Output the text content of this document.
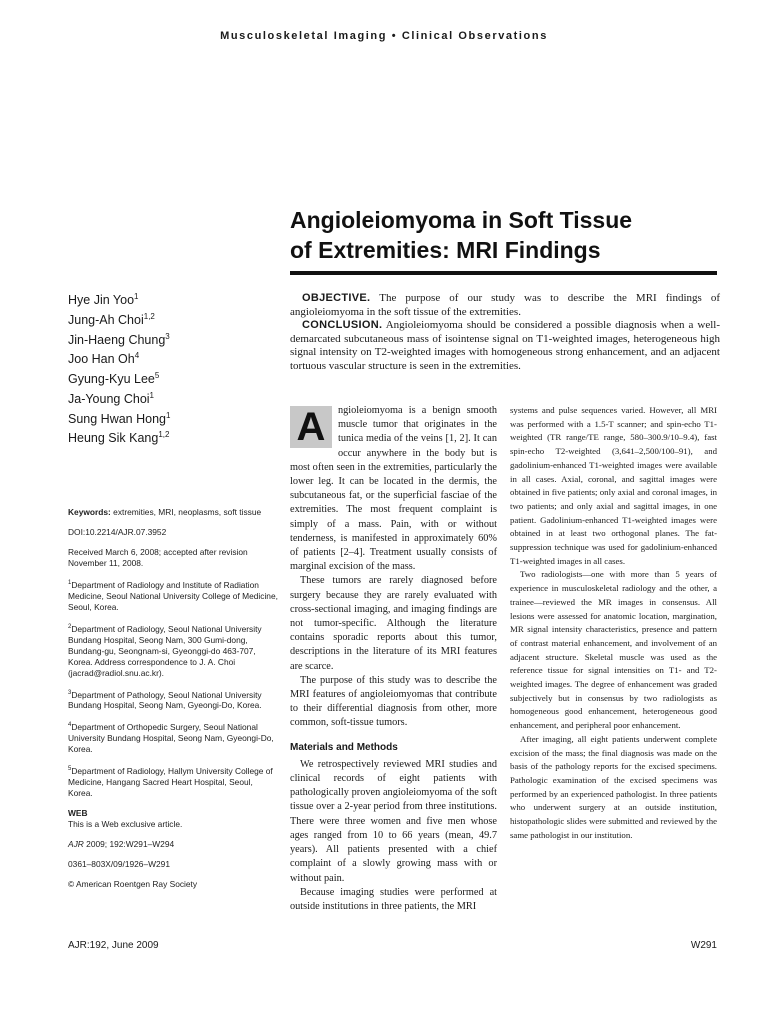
Musculoskeletal Imaging • Clinical Observations
Angioleiomyoma in Soft Tissue
of Extremities: MRI Findings
Hye Jin Yoo$^1$
Jung-Ah Choi$^{1,2}$
Jin-Haeng Chung$^3$
Joo Han Oh$^4$
Gyung-Kyu Lee$^5$
Ja-Young Choi$^1$
Sung Hwan Hong$^1$
Heung Sik Kang$^{1,2}$

OBJECTIVE. The purpose of our study was to describe the MRI findings of angioleiomyoma in the soft tissue of the extremities.

CONCLUSION. Angioleiomyoma should be considered a possible diagnosis when a well-demarcated subcutaneous mass of isointense signal on T1-weighted images, heterogeneous high signal intensity on T2-weighted images with homogeneous strong enhancement, and an adjacent tortuous vascular structure is seen in the extremities.

Keywords: extremities, MRI, neoplasms, soft tissue

DOI:10.2214/AJR.07.3952

Received March 6, 2008; accepted after revision November 11, 2008.

$^1$Department of Radiology and Institute of Radiation Medicine, Seoul National University College of Medicine, Seoul, Korea.

$^2$Department of Radiology, Seoul National University Bundang Hospital, Seong Nam, 300 Gumi-dong, Bundang-gu, Seongnam-si, Gyeonggi-do 463-707, Korea. Address correspondence to J. A. Choi (jacrad@radiol.snu.ac.kr).

$^3$Department of Pathology, Seoul National University Bundang Hospital, Seong Nam, Gyeongi-Do, Korea.

$^4$Department of Orthopedic Surgery, Seoul National University Bundang Hospital, Seong Nam, Gyeongi-Do, Korea.

$^5$Department of Radiology, Hallym University College of Medicine, Hangang Sacred Heart Hospital, Seoul, Korea.

WEB

This is a Web exclusive article.

AJR 2009; 192:W291–W294

0361–803X/09/1926–W291

© American Roentgen Ray Society

A	ngioleiomyoma is a benign smooth muscle tumor that originates in the tunica media of the veins [1, 2]. It can occur anywhere in the body but is most often seen in the extremities, particularly the lower leg. It can be located in the dermis, the subcutaneous fat, or the superficial fasciae of the extremities. The most frequent complaint is simply of a mass. Pain, with or without tenderness, is manifested in approximately 60% of patients [2–4]. Treatment usually consists of marginal excision of the mass.

These tumors are rarely diagnosed before surgery because they are rarely evaluated with cross-sectional imaging, and imaging findings are not tumor-specific. Although the literature contains sporadic reports about this tumor, descriptions in the literature of its MRI features are scarce.

The purpose of this study was to describe the MRI features of angioleiomyomas that contribute to their differential diagnosis from other, more common, soft-tissue tumors.

Materials and Methods

We retrospectively reviewed MRI studies and clinical records of eight patients with pathologically proven angioleiomyoma of the soft tissue over a 2-year period from three institutions. There were three women and five men whose ages ranged from 10 to 66 years (mean, 49.7 years). All patients presented with a chief complaint of a slowly growing mass with or without pain.

Because imaging studies were performed at outside institutions in three patients, the MRI

systems and pulse sequences varied. However, all MRI was performed with a 1.5-T scanner; and spin-echo T1-weighted (TR range/TE range, 580–300.9/10–9.4), fast spin-echo T2-weighted (3,641–2,500/100–91), and gadolinium-enhanced T1-weighted images were available in all cases. Axial, coronal, and sagittal images were obtained in five patients; only axial and coronal images, in two patients; and only axial and sagittal images, in one patient. Gadolinium-enhanced T1-weighted images were obtained in at least two orthogonal planes. The fat-suppression technique was used for gadolinium-enhanced T1-weighted images in all cases.

Two radiologists—one with more than 5 years of experience in musculoskeletal radiology and the other, a trainee—reviewed the MR images in consensus. All lesions were assessed for anatomic location, margination, MR signal intensity characteristics, presence and pattern of contrast material enhancement, and involvement of an adjacent structure. Skeletal muscle was used as the reference tissue for signal intensities on T1- and T2-weighted images. The degree of enhancement was graded subjectively but in consensus by two radiologists as homogeneous good enhancement, heterogeneous good enhancement, and peripheral poor enhancement.

After imaging, all eight patients underwent complete excision of the mass; the final diagnosis was made on the basis of the pathology reports for the excised specimens. Pathologic examination of the excised specimens was performed by an experienced pathologist. In three patients who underwent surgery at an outside institution, histopathologic slides were submitted and reviewed by the same pathologist in our institution.

AJR:192, June 2009	W291
